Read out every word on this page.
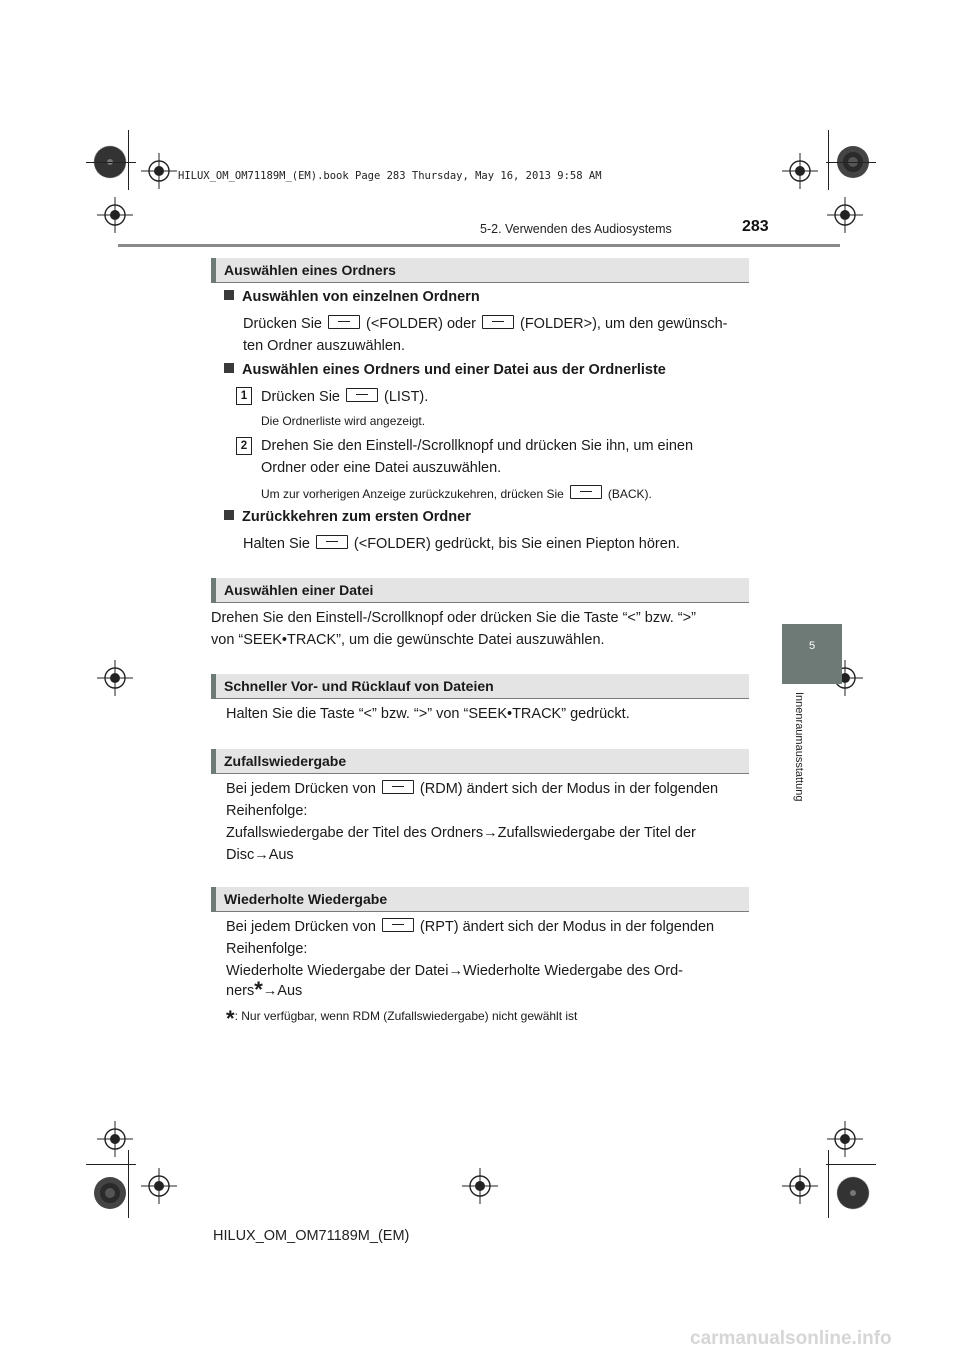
HILUX_OM_OM71189M_(EM).book Page 283 Thursday, May 16, 2013 9:58 AM
5-2. Verwenden des Audiosystems	283
5
Innenraumausstattung
Auswählen eines Ordners
Auswählen von einzelnen Ordnern
Drücken Sie	(<FOLDER) oder	(FOLDER>), um den gewünsch-
ten Ordner auszuwählen.
Auswählen eines Ordners und einer Datei aus der Ordnerliste
1 Drücken Sie	(LIST).
Die Ordnerliste wird angezeigt.
2 Drehen Sie den Einstell-/Scrollknopf und drücken Sie ihn, um einen
Ordner oder eine Datei auszuwählen.
Um zur vorherigen Anzeige zurückzukehren, drücken Sie	(BACK).
Zurückkehren zum ersten Ordner
Halten Sie	(<FOLDER) gedrückt, bis Sie einen Piepton hören.
Auswählen einer Datei
Drehen Sie den Einstell-/Scrollknopf oder drücken Sie die Taste “<” bzw. “>”
von “SEEK•TRACK”, um die gewünschte Datei auszuwählen.
Schneller Vor- und Rücklauf von Dateien
Halten Sie die Taste “<” bzw. “>” von “SEEK•TRACK” gedrückt.
Zufallswiedergabe
Bei jedem Drücken von	(RDM) ändert sich der Modus in der folgenden
Reihenfolge:
Zufallswiedergabe der Titel des Ordners→Zufallswiedergabe der Titel der
Disc→Aus
Wiederholte Wiedergabe
Bei jedem Drücken von	(RPT) ändert sich der Modus in der folgenden
Reihenfolge:
Wiederholte Wiedergabe der Datei→Wiederholte Wiedergabe des Ord-
ners*→Aus
*: Nur verfügbar, wenn RDM (Zufallswiedergabe) nicht gewählt ist
HILUX_OM_OM71189M_(EM)
carmanualsonline.info
